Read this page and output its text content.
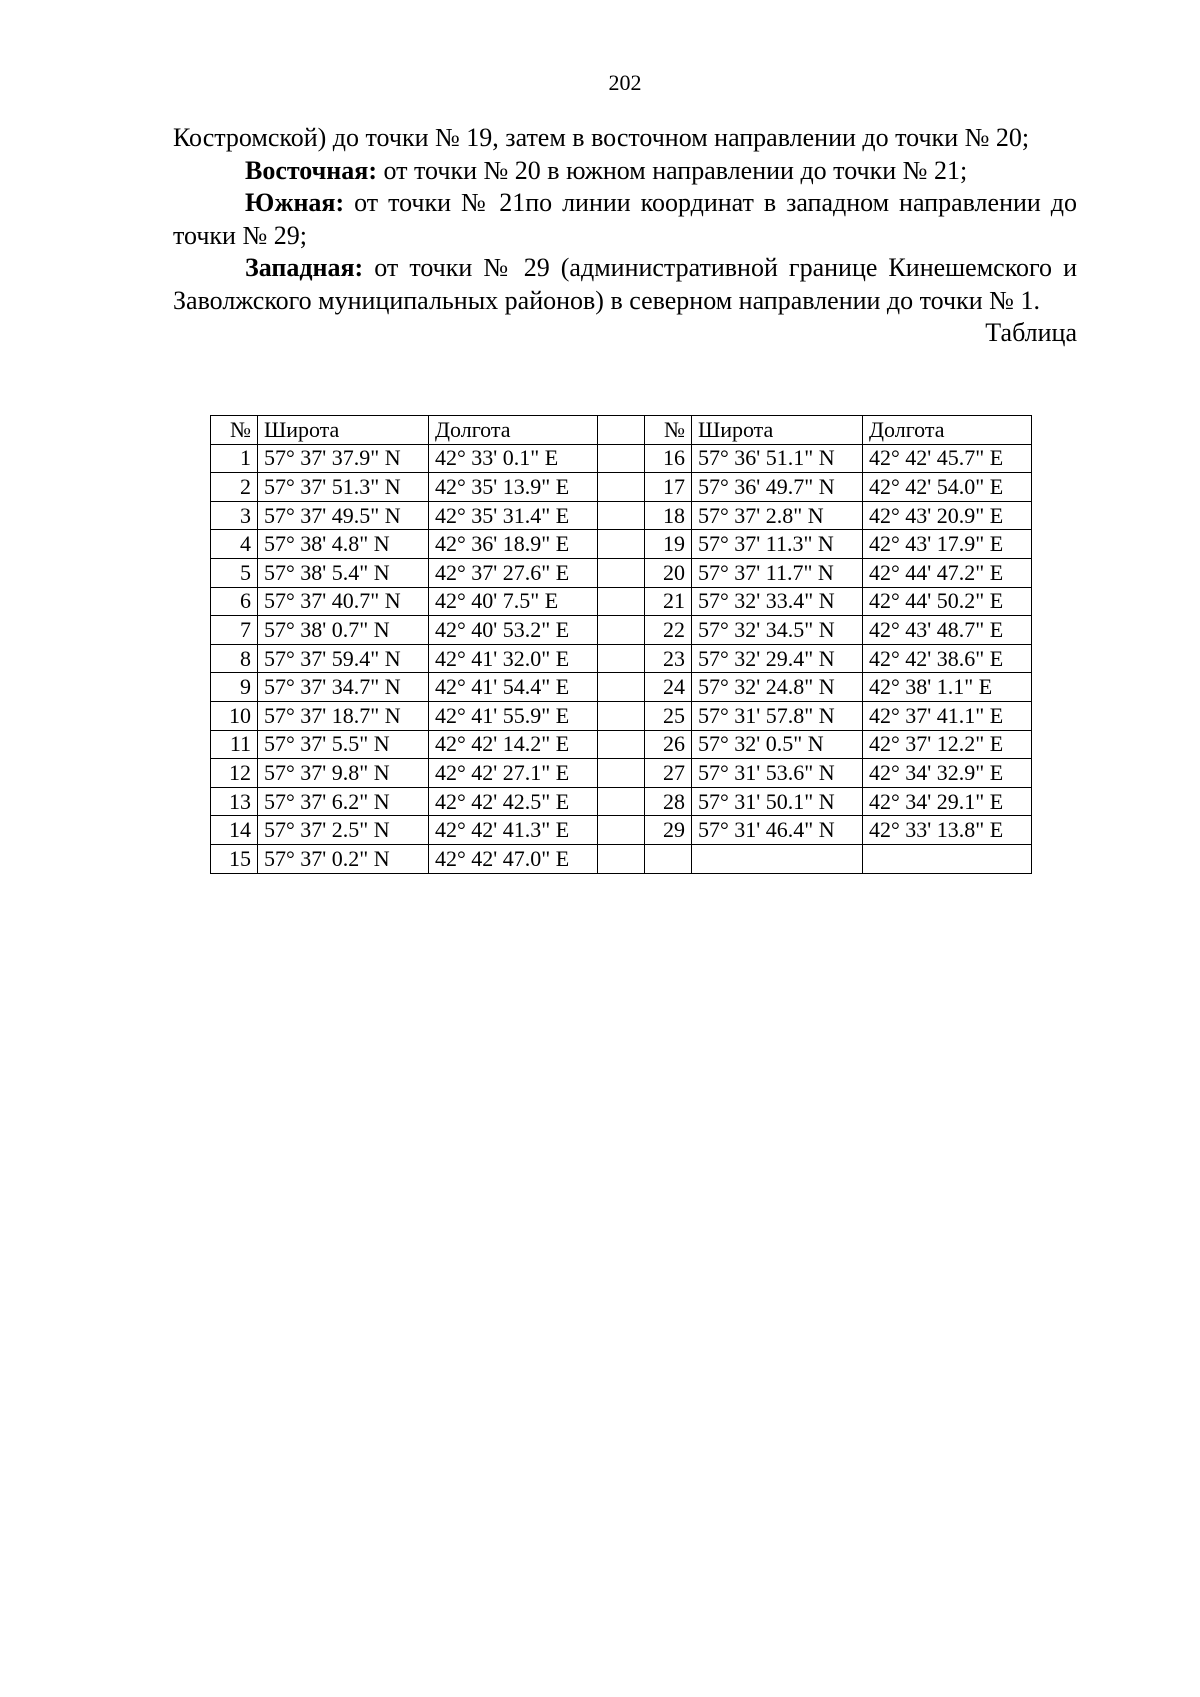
202

Костромской) до точки № 19, затем в восточном направлении до точки № 20;

Восточная: от точки № 20 в южном направлении до точки № 21;

Южная: от точки № 21по линии координат в западном направлении до точки № 29;

Западная: от точки № 29 (административной границе Кинешемского и Заволжского муниципальных районов) в северном направлении до точки № 1.

Таблица

№	Широта	Долгота		№	Широта	Долгота
1	57° 37' 37.9" N	42° 33' 0.1" E		16	57° 36' 51.1" N	42° 42' 45.7" E
2	57° 37' 51.3" N	42° 35' 13.9" E		17	57° 36' 49.7" N	42° 42' 54.0" E
3	57° 37' 49.5" N	42° 35' 31.4" E		18	57° 37' 2.8" N	42° 43' 20.9" E
4	57° 38' 4.8" N	42° 36' 18.9" E		19	57° 37' 11.3" N	42° 43' 17.9" E
5	57° 38' 5.4" N	42° 37' 27.6" E		20	57° 37' 11.7" N	42° 44' 47.2" E
6	57° 37' 40.7" N	42° 40' 7.5" E		21	57° 32' 33.4" N	42° 44' 50.2" E
7	57° 38' 0.7" N	42° 40' 53.2" E		22	57° 32' 34.5" N	42° 43' 48.7" E
8	57° 37' 59.4" N	42° 41' 32.0" E		23	57° 32' 29.4" N	42° 42' 38.6" E
9	57° 37' 34.7" N	42° 41' 54.4" E		24	57° 32' 24.8" N	42° 38' 1.1" E
10	57° 37' 18.7" N	42° 41' 55.9" E		25	57° 31' 57.8" N	42° 37' 41.1" E
11	57° 37' 5.5" N	42° 42' 14.2" E		26	57° 32' 0.5" N	42° 37' 12.2" E
12	57° 37' 9.8" N	42° 42' 27.1" E		27	57° 31' 53.6" N	42° 34' 32.9" E
13	57° 37' 6.2" N	42° 42' 42.5" E		28	57° 31' 50.1" N	42° 34' 29.1" E
14	57° 37' 2.5" N	42° 42' 41.3" E		29	57° 31' 46.4" N	42° 33' 13.8" E
15	57° 37' 0.2" N	42° 42' 47.0" E				
